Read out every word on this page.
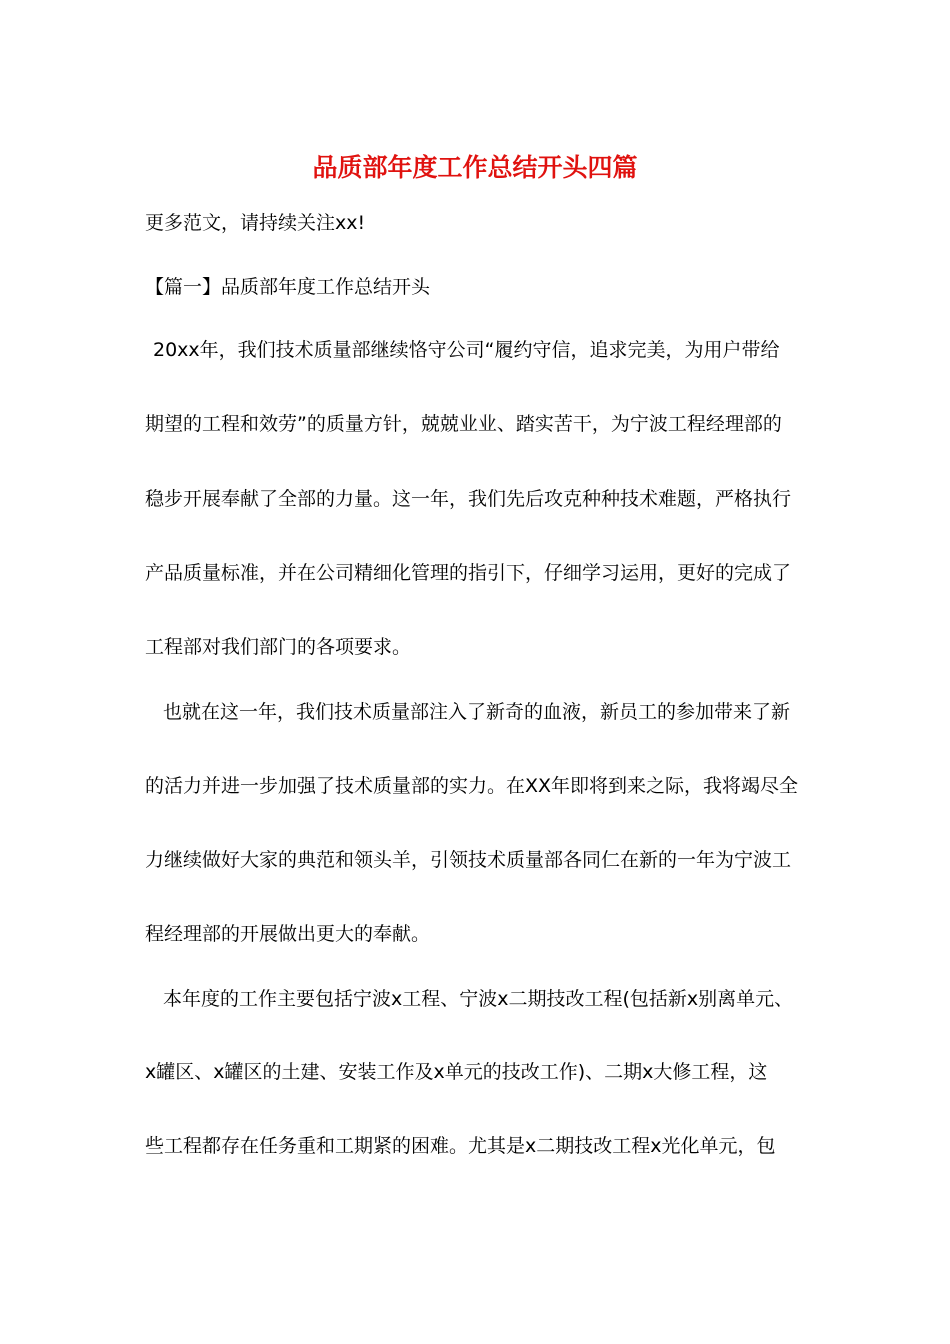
品质部年度工作总结开头四篇

更多范文，请持续关注xx!

【篇一】品质部年度工作总结开头

20xx年，我们技术质量部继续恪守公司“履约守信，追求完美，为用户带给

期望的工程和效劳”的质量方针，兢兢业业、踏实苦干，为宁波工程经理部的

稳步开展奉献了全部的力量。这一年，我们先后攻克种种技术难题，严格执行

产品质量标准，并在公司精细化管理的指引下，仔细学习运用，更好的完成了

工程部对我们部门的各项要求。

也就在这一年，我们技术质量部注入了新奇的血液，新员工的参加带来了新

的活力并进一步加强了技术质量部的实力。在XX年即将到来之际，我将竭尽全

力继续做好大家的典范和领头羊，引领技术质量部各同仁在新的一年为宁波工

程经理部的开展做出更大的奉献。

本年度的工作主要包括宁波x工程、宁波x二期技改工程(包括新x别离单元、

x罐区、x罐区的土建、安装工作及x单元的技改工作)、二期x大修工程，这

些工程都存在任务重和工期紧的困难。尤其是x二期技改工程x光化单元，包
